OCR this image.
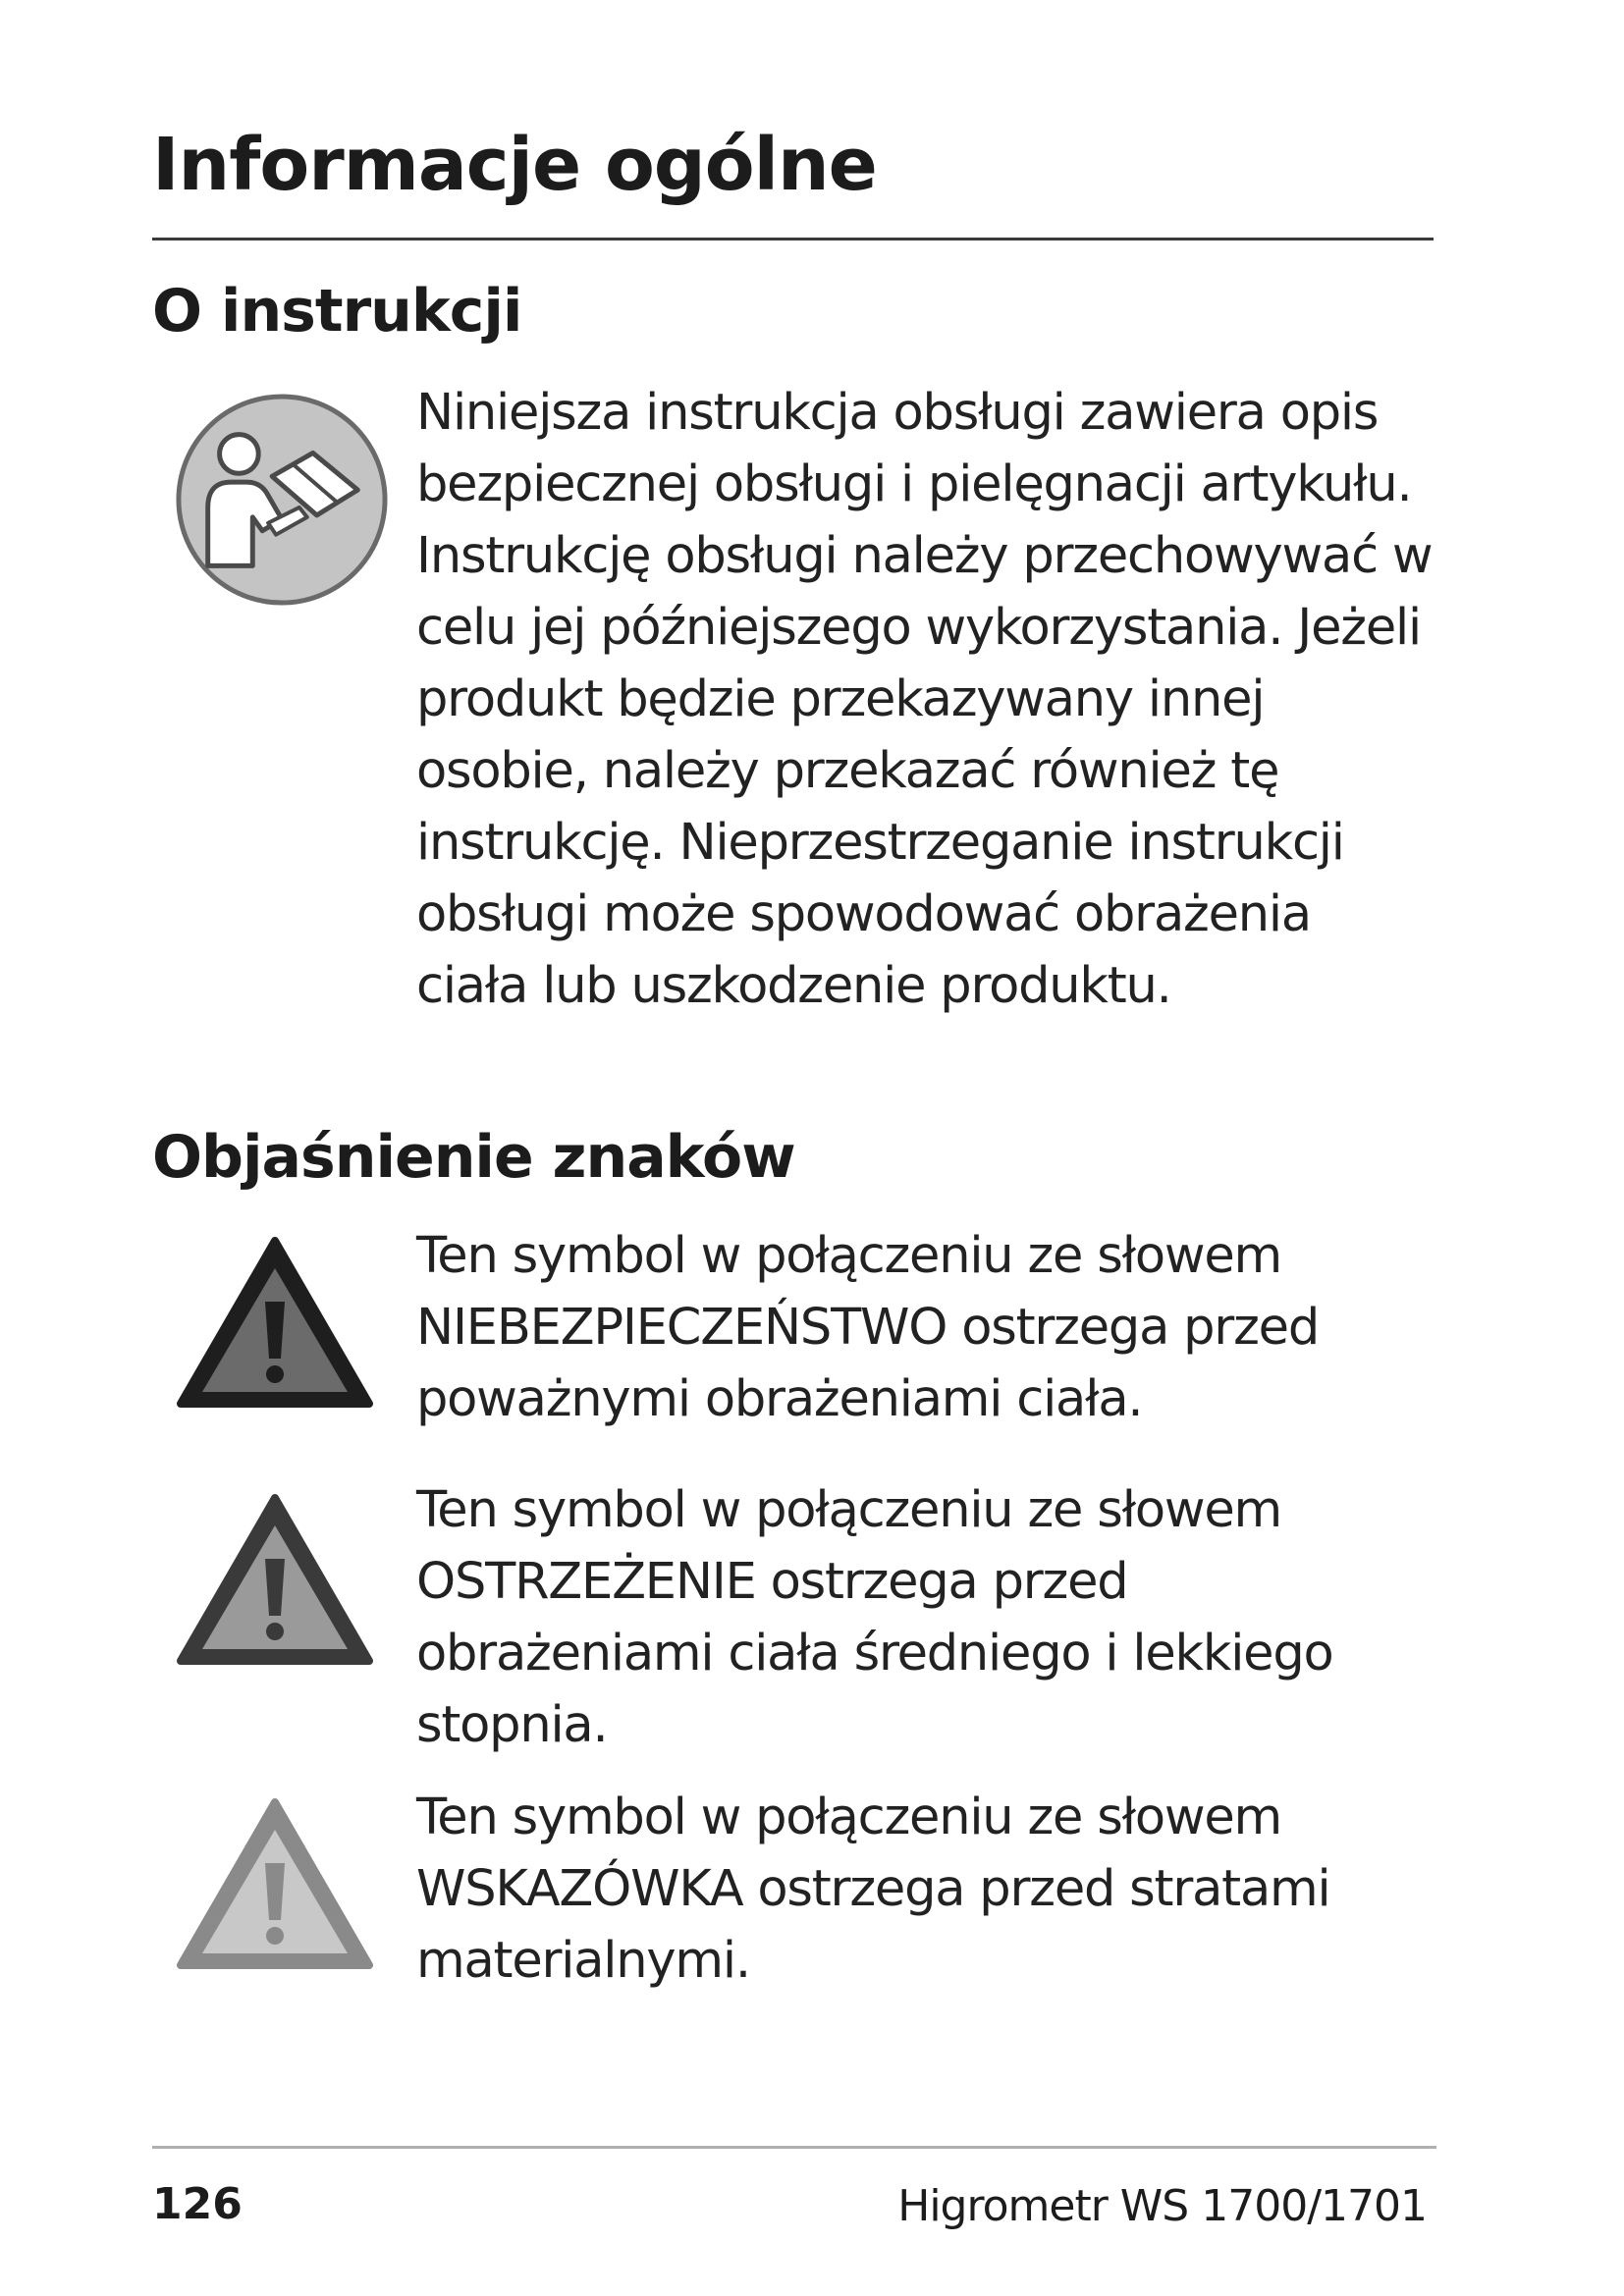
Informacje ogólne
O instrukcji

Niniejsza instrukcja obsługi zawiera opis bezpiecznej obsługi i pielęgnacji artykułu. Instrukcję obsługi należy przechowywać w celu jej późniejszego wykorzystania. Jeżeli produkt będzie przekazywany innej osobie, należy przekazać również tę instrukcję. Nieprzestrzeganie instrukcji obsługi może spowodować obrażenia ciała lub uszkodzenie produktu.

Objaśnienie znaków

Ten symbol w połączeniu ze słowem NIEBEZPIECZEŃSTWO ostrzega przed poważnymi obrażeniami ciała.

Ten symbol w połączeniu ze słowem OSTRZEŻENIE ostrzega przed obrażeniami ciała średniego i lekkiego stopnia.

Ten symbol w połączeniu ze słowem WSKAZÓWKA ostrzega przed stratami materialnymi.

126	Higrometr WS 1700/1701
